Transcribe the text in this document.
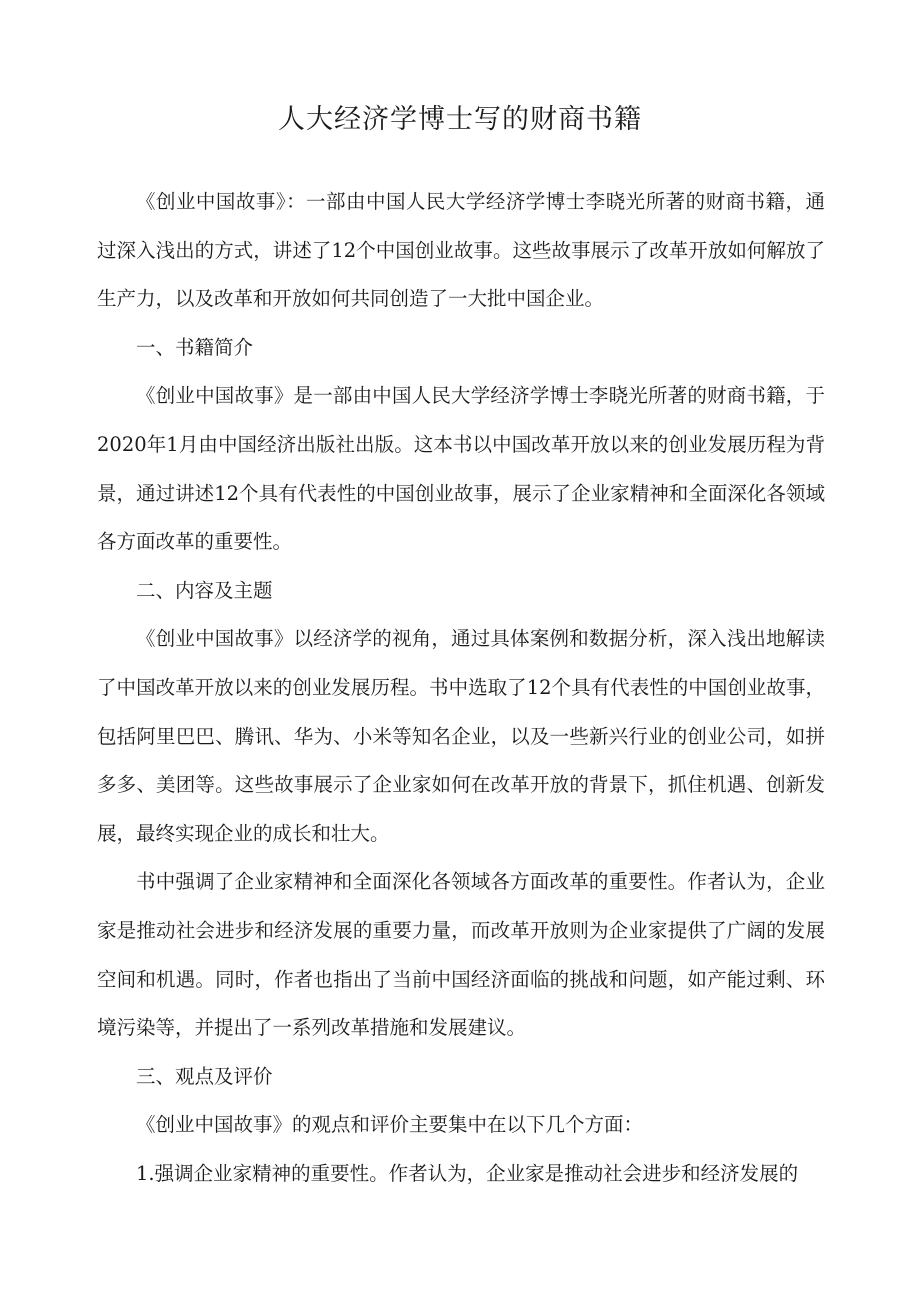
人大经济学博士写的财商书籍

《创业中国故事》：一部由中国人民大学经济学博士李晓光所著的财商书籍，通过深入浅出的方式，讲述了12个中国创业故事。这些故事展示了改革开放如何解放了生产力，以及改革和开放如何共同创造了一大批中国企业。

一、书籍简介

《创业中国故事》是一部由中国人民大学经济学博士李晓光所著的财商书籍，于2020年1月由中国经济出版社出版。这本书以中国改革开放以来的创业发展历程为背景，通过讲述12个具有代表性的中国创业故事，展示了企业家精神和全面深化各领域各方面改革的重要性。

二、内容及主题

《创业中国故事》以经济学的视角，通过具体案例和数据分析，深入浅出地解读了中国改革开放以来的创业发展历程。书中选取了12个具有代表性的中国创业故事，包括阿里巴巴、腾讯、华为、小米等知名企业，以及一些新兴行业的创业公司，如拼多多、美团等。这些故事展示了企业家如何在改革开放的背景下，抓住机遇、创新发展，最终实现企业的成长和壮大。

书中强调了企业家精神和全面深化各领域各方面改革的重要性。作者认为，企业家是推动社会进步和经济发展的重要力量，而改革开放则为企业家提供了广阔的发展空间和机遇。同时，作者也指出了当前中国经济面临的挑战和问题，如产能过剩、环境污染等，并提出了一系列改革措施和发展建议。

三、观点及评价

《创业中国故事》的观点和评价主要集中在以下几个方面：

1.强调企业家精神的重要性。作者认为，企业家是推动社会进步和经济发展的
